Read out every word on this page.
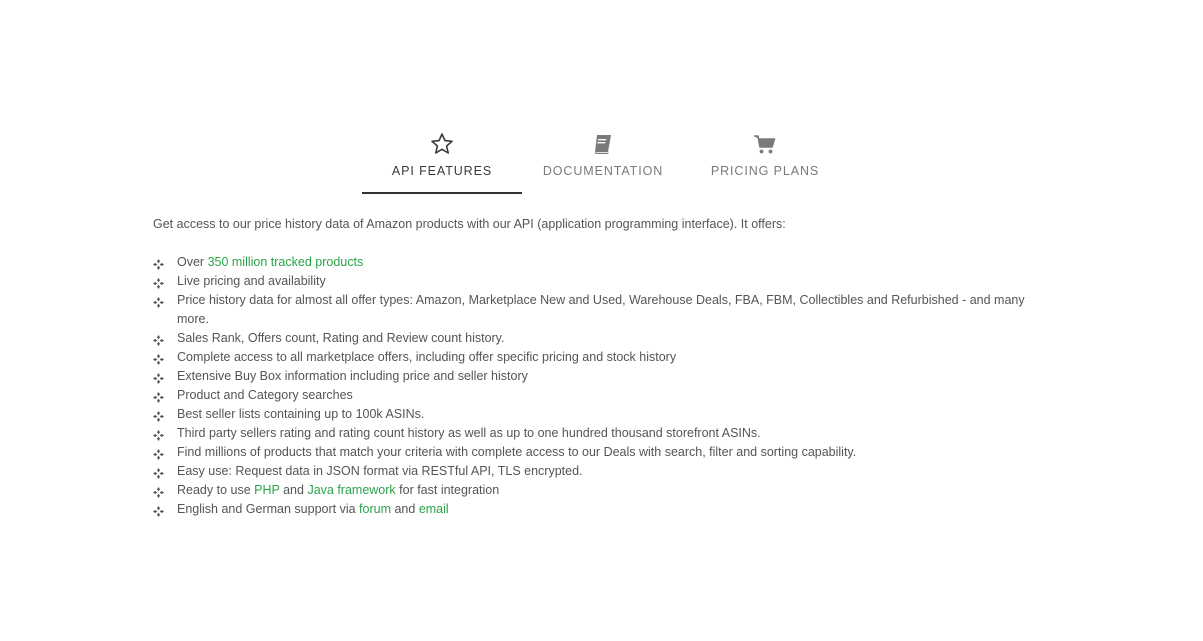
API FEATURES	DOCUMENTATION	PRICING PLANS

Get access to our price history data of Amazon products with our API (application programming interface). It offers:

Over 350 million tracked products
Live pricing and availability
Price history data for almost all offer types: Amazon, Marketplace New and Used, Warehouse Deals, FBA, FBM, Collectibles and Refurbished - and many more.
Sales Rank, Offers count, Rating and Review count history.
Complete access to all marketplace offers, including offer specific pricing and stock history
Extensive Buy Box information including price and seller history
Product and Category searches
Best seller lists containing up to 100k ASINs.
Third party sellers rating and rating count history as well as up to one hundred thousand storefront ASINs.
Find millions of products that match your criteria with complete access to our Deals with search, filter and sorting capability.
Easy use: Request data in JSON format via RESTful API, TLS encrypted.
Ready to use PHP and Java framework for fast integration
English and German support via forum and email
